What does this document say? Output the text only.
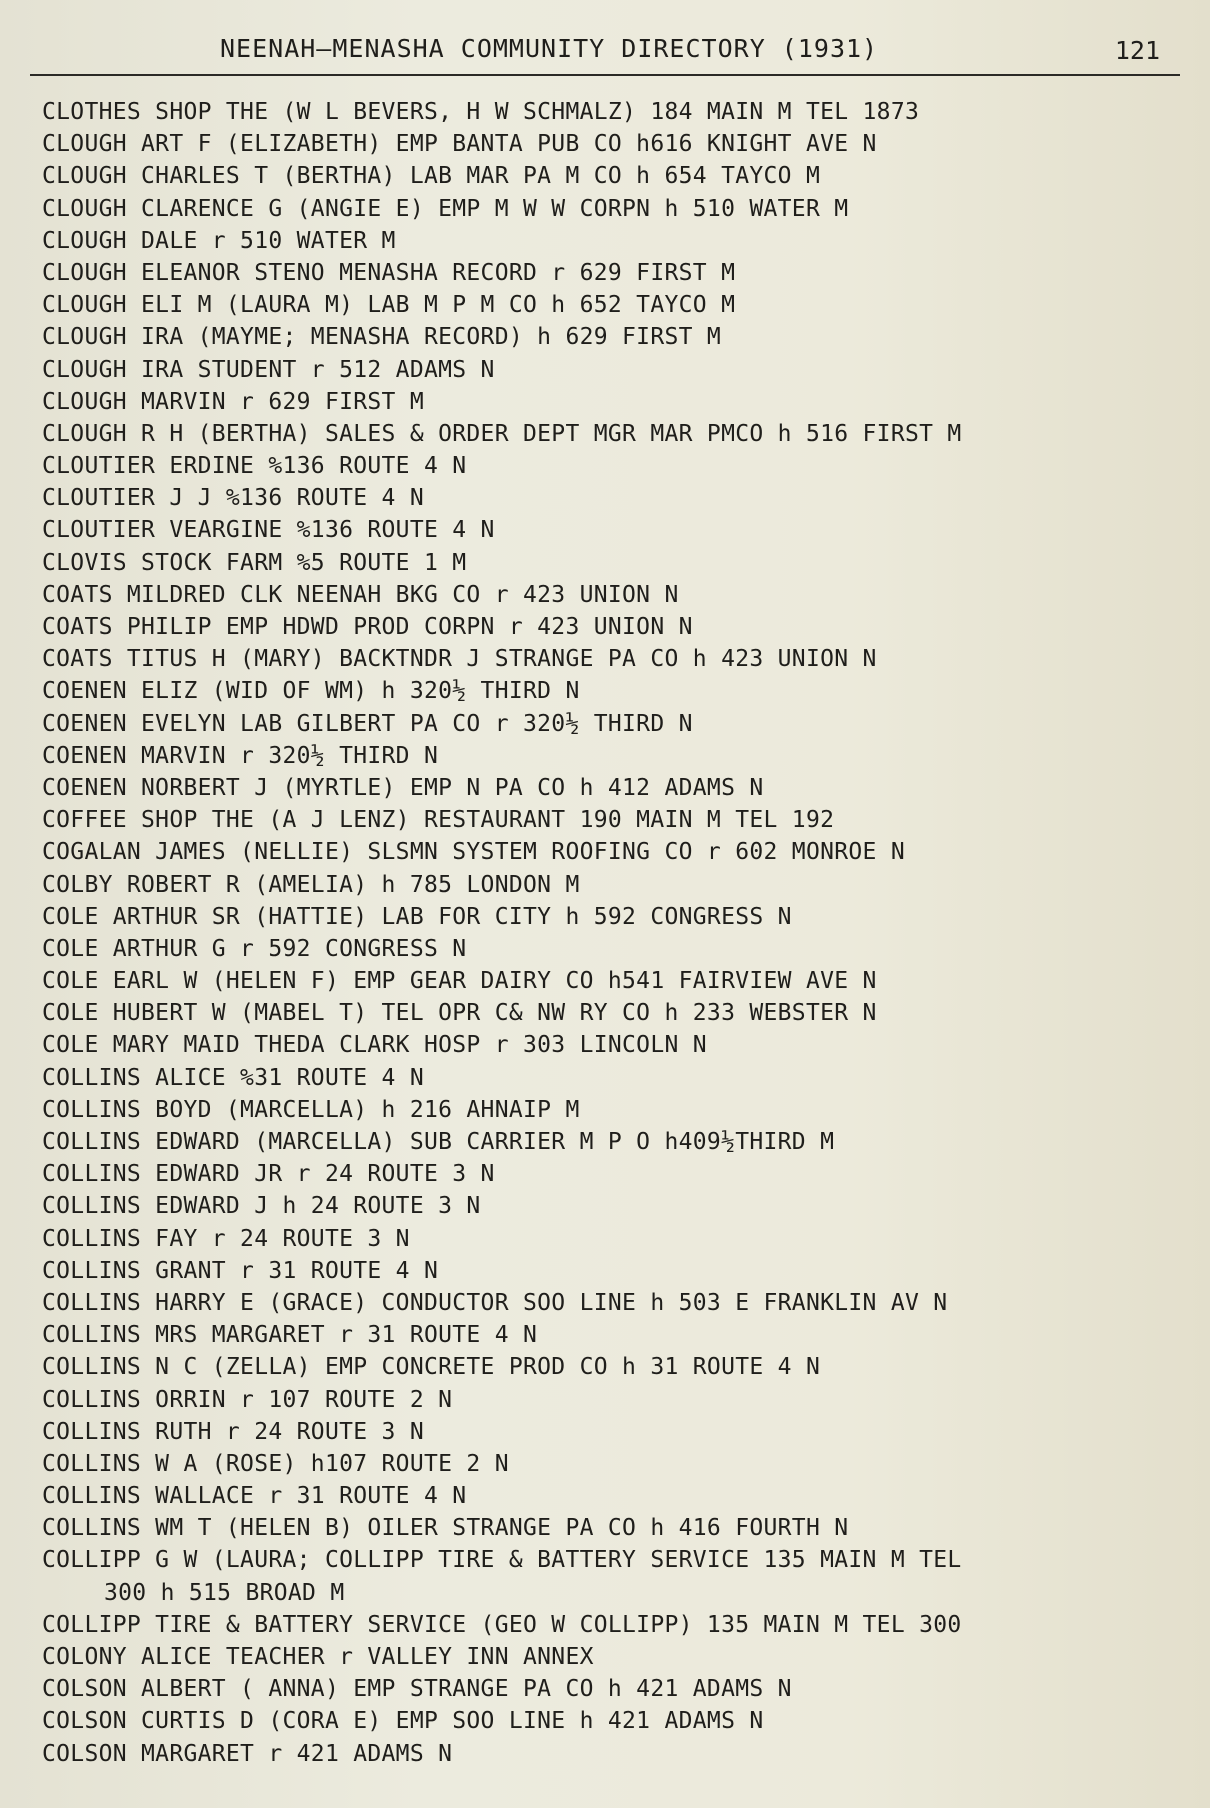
NEENAH—MENASHA COMMUNITY DIRECTORY (1931)	121
CLOTHES SHOP THE (W L BEVERS, H W SCHMALZ) 184 MAIN M TEL 1873
CLOUGH ART F (ELIZABETH) EMP BANTA PUB CO h616 KNIGHT AVE N
CLOUGH CHARLES T (BERTHA) LAB MAR PA M CO h 654 TAYCO M
CLOUGH CLARENCE G (ANGIE E) EMP M W W CORPN h 510 WATER M
CLOUGH DALE r 510 WATER M
CLOUGH ELEANOR STENO MENASHA RECORD r 629 FIRST M
CLOUGH ELI M (LAURA M) LAB M P M CO h 652 TAYCO M
CLOUGH IRA (MAYME; MENASHA RECORD) h 629 FIRST M
CLOUGH IRA STUDENT r 512 ADAMS N
CLOUGH MARVIN r 629 FIRST M
CLOUGH R H (BERTHA) SALES & ORDER DEPT MGR MAR PMCO h 516 FIRST M
CLOUTIER ERDINE %136 ROUTE 4 N
CLOUTIER J J %136 ROUTE 4 N
CLOUTIER VEARGINE %136 ROUTE 4 N
CLOVIS STOCK FARM %5 ROUTE 1 M
COATS MILDRED CLK NEENAH BKG CO r 423 UNION N
COATS PHILIP EMP HDWD PROD CORPN r 423 UNION N
COATS TITUS H (MARY) BACKTNDR J STRANGE PA CO h 423 UNION N
COENEN ELIZ (WID OF WM) h 320½ THIRD N
COENEN EVELYN LAB GILBERT PA CO r 320½ THIRD N
COENEN MARVIN r 320½ THIRD N
COENEN NORBERT J (MYRTLE) EMP N PA CO h 412 ADAMS N
COFFEE SHOP THE (A J LENZ) RESTAURANT 190 MAIN M TEL 192
COGALAN JAMES (NELLIE) SLSMN SYSTEM ROOFING CO r 602 MONROE N
COLBY ROBERT R (AMELIA) h 785 LONDON M
COLE ARTHUR SR (HATTIE) LAB FOR CITY h 592 CONGRESS N
COLE ARTHUR G r 592 CONGRESS N
COLE EARL W (HELEN F) EMP GEAR DAIRY CO h541 FAIRVIEW AVE N
COLE HUBERT W (MABEL T) TEL OPR C& NW RY CO h 233 WEBSTER N
COLE MARY MAID THEDA CLARK HOSP r 303 LINCOLN N
COLLINS ALICE %31 ROUTE 4 N
COLLINS BOYD (MARCELLA) h 216 AHNAIP M
COLLINS EDWARD (MARCELLA) SUB CARRIER M P O h409½THIRD M
COLLINS EDWARD JR r 24 ROUTE 3 N
COLLINS EDWARD J h 24 ROUTE 3 N
COLLINS FAY r 24 ROUTE 3 N
COLLINS GRANT r 31 ROUTE 4 N
COLLINS HARRY E (GRACE) CONDUCTOR SOO LINE h 503 E FRANKLIN AV N
COLLINS MRS MARGARET r 31 ROUTE 4 N
COLLINS N C (ZELLA) EMP CONCRETE PROD CO h 31 ROUTE 4 N
COLLINS ORRIN r 107 ROUTE 2 N
COLLINS RUTH r 24 ROUTE 3 N
COLLINS W A (ROSE) h107 ROUTE 2 N
COLLINS WALLACE r 31 ROUTE 4 N
COLLINS WM T (HELEN B) OILER STRANGE PA CO h 416 FOURTH N
COLLIPP G W (LAURA; COLLIPP TIRE & BATTERY SERVICE 135 MAIN M TEL
300 h 515 BROAD M
COLLIPP TIRE & BATTERY SERVICE (GEO W COLLIPP) 135 MAIN M TEL 300
COLONY ALICE TEACHER r VALLEY INN ANNEX
COLSON ALBERT ( ANNA) EMP STRANGE PA CO h 421 ADAMS N
COLSON CURTIS D (CORA E) EMP SOO LINE h 421 ADAMS N
COLSON MARGARET r 421 ADAMS N
